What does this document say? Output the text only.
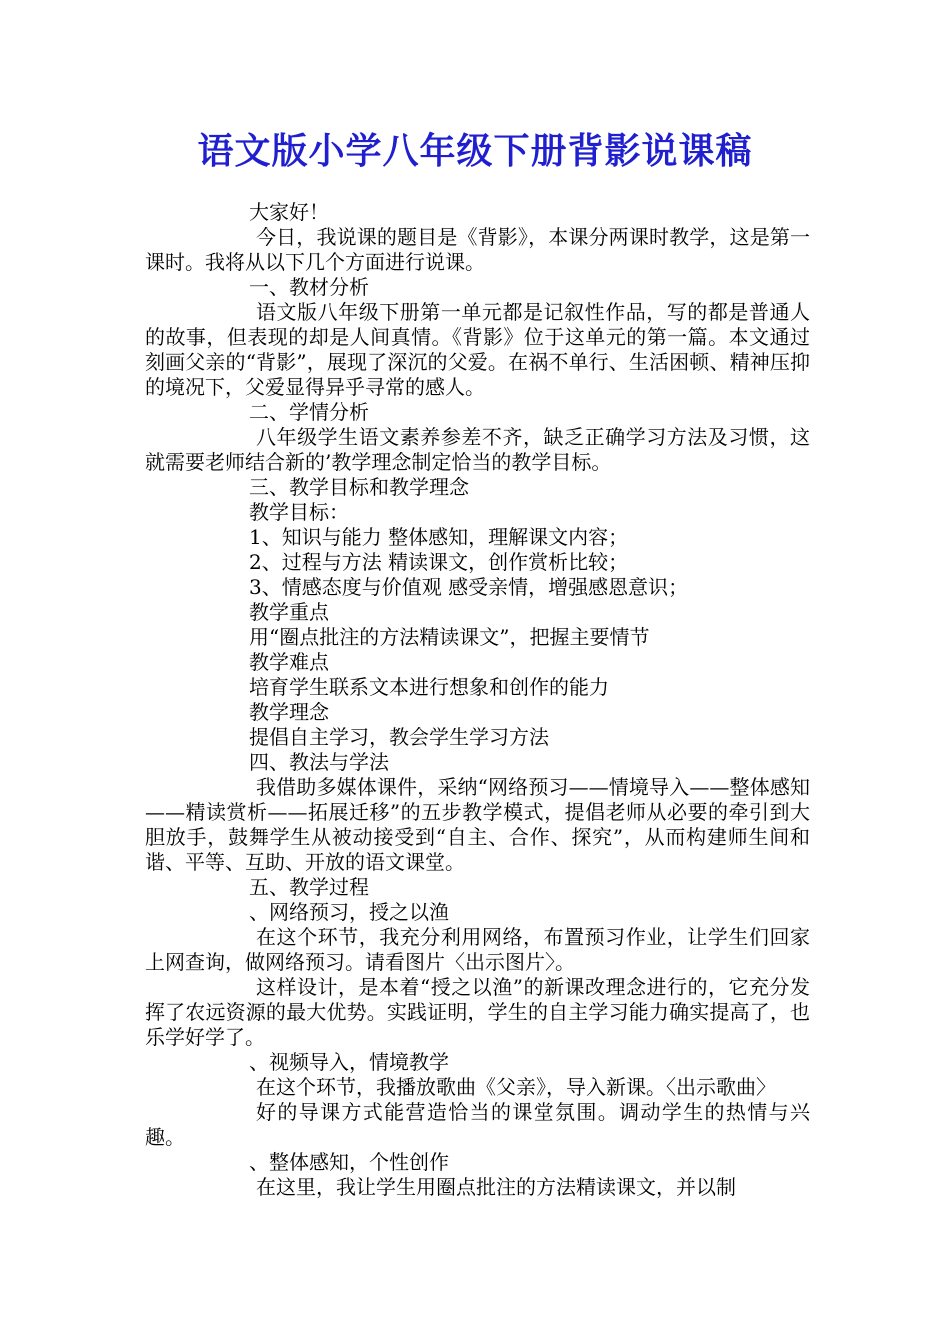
语文版小学八年级下册背影说课稿

大家好！

今日，我说课的题目是《背影》，本课分两课时教学，这是第一课时。我将从以下几个方面进行说课。

一、教材分析

语文版八年级下册第一单元都是记叙性作品，写的都是普通人的故事，但表现的却是人间真情。《背影》位于这单元的第一篇。本文通过刻画父亲的“背影”，展现了深沉的父爱。在祸不单行、生活困顿、精神压抑的境况下，父爱显得异乎寻常的感人。

二、学情分析

八年级学生语文素养参差不齐，缺乏正确学习方法及习惯，这就需要老师结合新的’教学理念制定恰当的教学目标。

三、教学目标和教学理念

教学目标：

1、知识与能力 整体感知，理解课文内容；

2、过程与方法 精读课文，创作赏析比较；

3、情感态度与价值观 感受亲情，增强感恩意识；

教学重点

用“圈点批注的方法精读课文”，把握主要情节

教学难点

培育学生联系文本进行想象和创作的能力

教学理念

提倡自主学习，教会学生学习方法

四、教法与学法

我借助多媒体课件，采纳“网络预习——情境导入——整体感知——精读赏析——拓展迁移”的五步教学模式，提倡老师从必要的牵引到大胆放手，鼓舞学生从被动接受到“自主、合作、探究”，从而构建师生间和谐、平等、互助、开放的语文课堂。

五、教学过程

、网络预习，授之以渔

在这个环节，我充分利用网络，布置预习作业，让学生们回家上网查询，做网络预习。请看图片〈出示图片〉。

这样设计，是本着“授之以渔”的新课改理念进行的，它充分发挥了农远资源的最大优势。实践证明，学生的自主学习能力确实提高了，也乐学好学了。

、视频导入，情境教学

在这个环节，我播放歌曲《父亲》，导入新课。〈出示歌曲〉

好的导课方式能营造恰当的课堂氛围。调动学生的热情与兴趣。

、整体感知，个性创作

在这里，我让学生用圈点批注的方法精读课文，并以制
